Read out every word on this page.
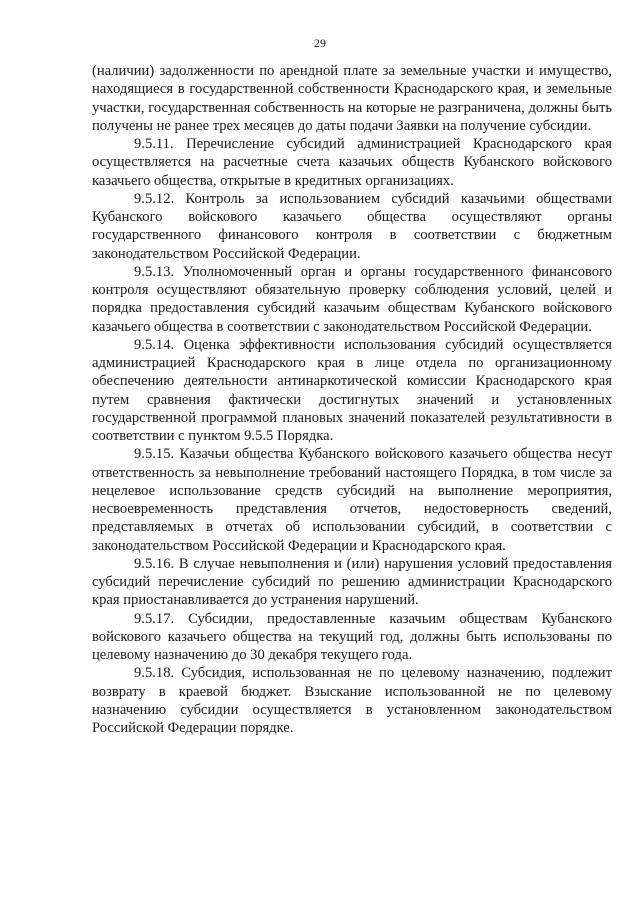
29

(наличии) задолженности по арендной плате за земельные участки и имущество, находящиеся в государственной собственности Краснодарского края, и земельные участки, государственная собственность на которые не разграничена, должны быть получены не ранее трех месяцев до даты подачи Заявки на получение субсидии.

9.5.11. Перечисление субсидий администрацией Краснодарского края осуществляется на расчетные счета казачьих обществ Кубанского войскового казачьего общества, открытые в кредитных организациях.

9.5.12. Контроль за использованием субсидий казачьими обществами Кубанского войскового казачьего общества осуществляют органы государственного финансового контроля в соответствии с бюджетным законодательством Российской Федерации.

9.5.13. Уполномоченный орган и органы государственного финансового контроля осуществляют обязательную проверку соблюдения условий, целей и порядка предоставления субсидий казачьим обществам Кубанского войскового казачьего общества в соответствии с законодательством Российской Федерации.

9.5.14. Оценка эффективности использования субсидий осуществляется администрацией Краснодарского края в лице отдела по организационному обеспечению деятельности антинаркотической комиссии Краснодарского края путем сравнения фактически достигнутых значений и установленных государственной программой плановых значений показателей результативности в соответствии с пунктом 9.5.5 Порядка.

9.5.15. Казачьи общества Кубанского войскового казачьего общества несут ответственность за невыполнение требований настоящего Порядка, в том числе за нецелевое использование средств субсидий на выполнение мероприятия, несвоевременность представления отчетов, недостоверность сведений, представляемых в отчетах об использовании субсидий, в соответствии с законодательством Российской Федерации и Краснодарского края.

9.5.16. В случае невыполнения и (или) нарушения условий предоставления субсидий перечисление субсидий по решению администрации Краснодарского края приостанавливается до устранения нарушений.

9.5.17. Субсидии, предоставленные казачьим обществам Кубанского войскового казачьего общества на текущий год, должны быть использованы по целевому назначению до 30 декабря текущего года.

9.5.18. Субсидия, использованная не по целевому назначению, подлежит возврату в краевой бюджет. Взыскание использованной не по целевому назначению субсидии осуществляется в установленном законодательством Российской Федерации порядке.
